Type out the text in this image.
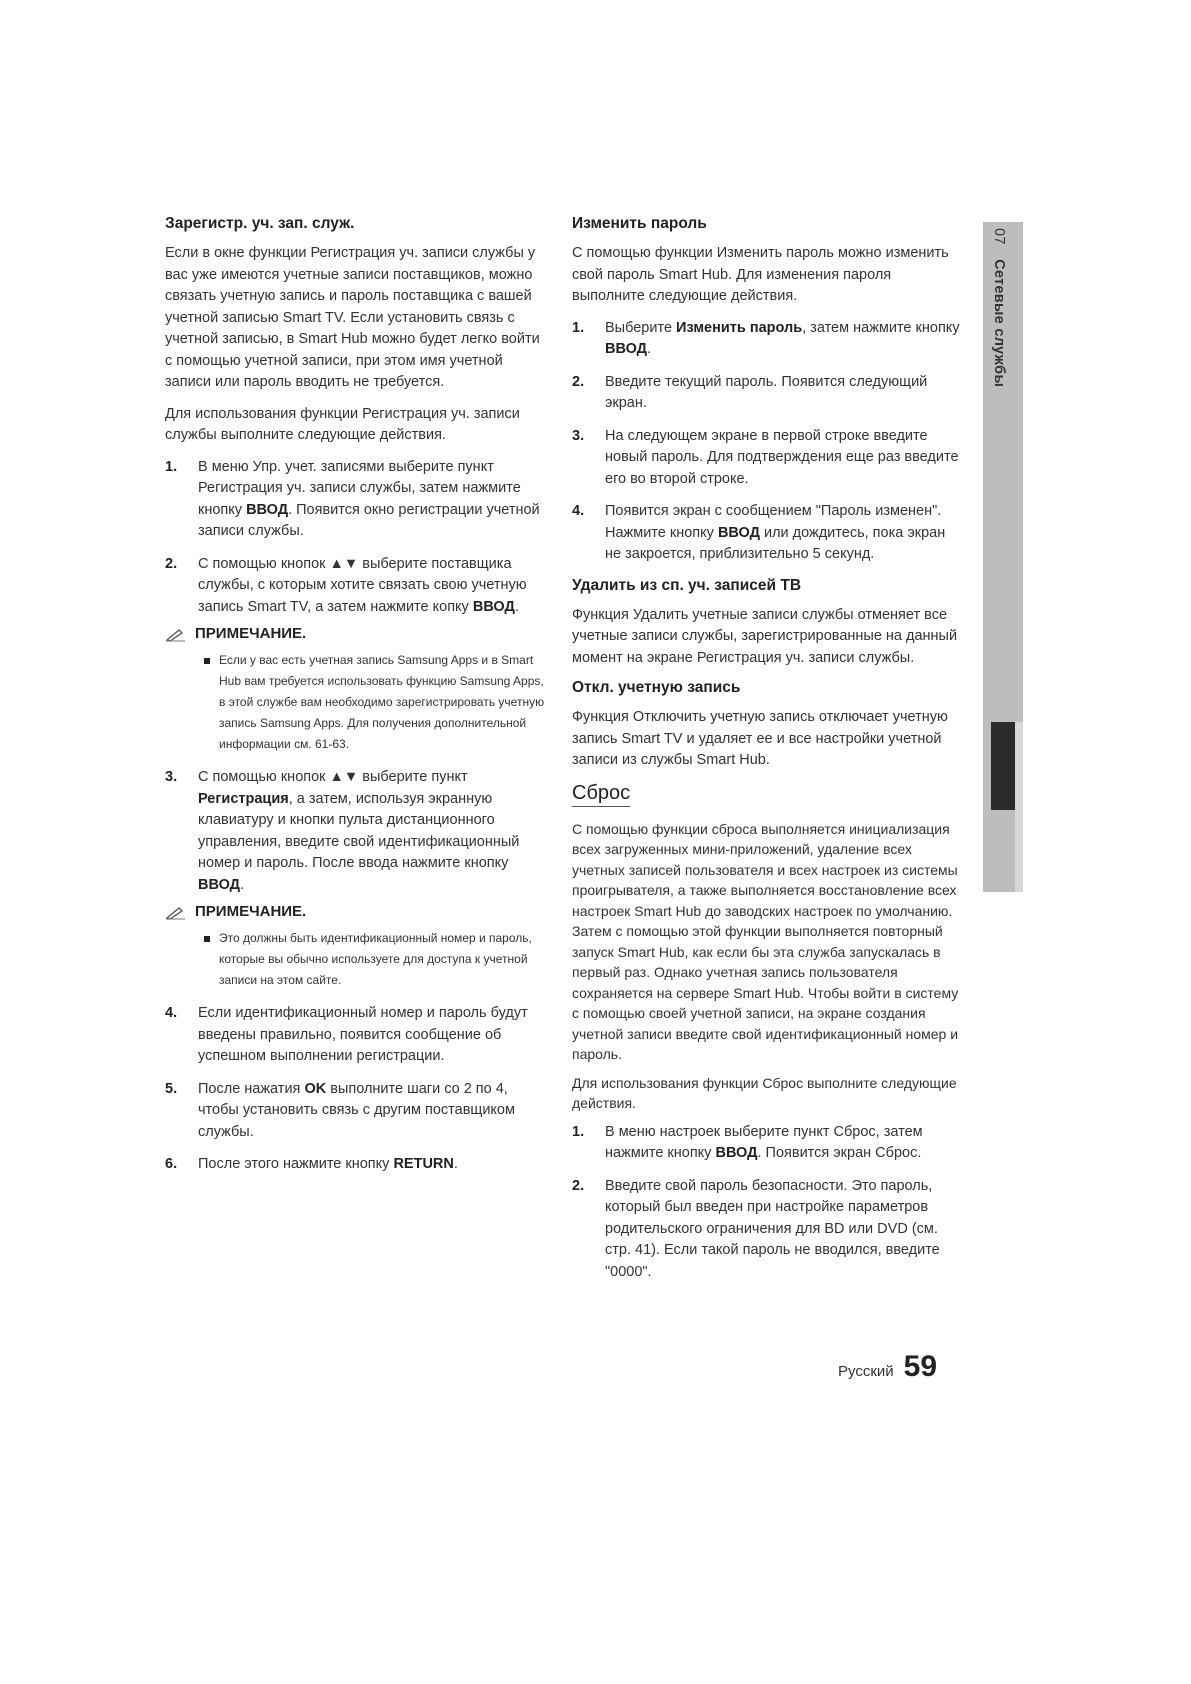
Зарегистр. уч. зап. служ.

Если в окне функции Регистрация уч. записи службы у вас уже имеются учетные записи поставщиков, можно связать учетную запись и пароль поставщика с вашей учетной записью Smart TV. Если установить связь с учетной записью, в Smart Hub можно будет легко войти с помощью учетной записи, при этом имя учетной записи или пароль вводить не требуется.

Для использования функции Регистрация уч. записи службы выполните следующие действия.

1. В меню Упр. учет. записями выберите пункт Регистрация уч. записи службы, затем нажмите кнопку ВВОД. Появится окно регистрации учетной записи службы.
2. С помощью кнопок ▲▼ выберите поставщика службы, с которым хотите связать свою учетную запись Smart TV, а затем нажмите копку ВВОД.
ПРИМЕЧАНИЕ.
Если у вас есть учетная запись Samsung Apps и в Smart Hub вам требуется использовать функцию Samsung Apps, в этой службе вам необходимо зарегистрировать учетную запись Samsung Apps. Для получения дополнительной информации см. 61-63.
3. С помощью кнопок ▲▼ выберите пункт Регистрация, а затем, используя экранную клавиатуру и кнопки пульта дистанционного управления, введите свой идентификационный номер и пароль. После ввода нажмите кнопку ВВОД.
ПРИМЕЧАНИЕ.
Это должны быть идентификационный номер и пароль, которые вы обычно используете для доступа к учетной записи на этом сайте.
4. Если идентификационный номер и пароль будут введены правильно, появится сообщение об успешном выполнении регистрации.
5. После нажатия OK выполните шаги со 2 по 4, чтобы установить связь с другим поставщиком службы.
6. После этого нажмите кнопку RETURN.
Изменить пароль

С помощью функции Изменить пароль можно изменить свой пароль Smart Hub. Для изменения пароля выполните следующие действия.

1. Выберите Изменить пароль, затем нажмите кнопку ВВОД.
2. Введите текущий пароль. Появится следующий экран.
3. На следующем экране в первой строке введите новый пароль. Для подтверждения еще раз введите его во второй строке.
4. Появится экран с сообщением "Пароль изменен". Нажмите кнопку ВВОД или дождитесь, пока экран не закроется, приблизительно 5 секунд.
Удалить из сп. уч. записей ТВ

Функция Удалить учетные записи службы отменяет все учетные записи службы, зарегистрированные на данный момент на экране Регистрация уч. записи службы.

Откл. учетную запись

Функция Отключить учетную запись отключает учетную запись Smart TV и удаляет ее и все настройки учетной записи из службы Smart Hub.

Сброс

С помощью функции сброса выполняется инициализация всех загруженных мини-приложений, удаление всех учетных записей пользователя и всех настроек из системы проигрывателя, а также выполняется восстановление всех настроек Smart Hub до заводских настроек по умолчанию. Затем с помощью этой функции выполняется повторный запуск Smart Hub, как если бы эта служба запускалась в первый раз. Однако учетная запись пользователя сохраняется на сервере Smart Hub. Чтобы войти в систему с помощью своей учетной записи, на экране создания учетной записи введите свой идентификационный номер и пароль.

Для использования функции Сброс выполните следующие действия.

1. В меню настроек выберите пункт Сброс, затем нажмите кнопку ВВОД. Появится экран Сброс.
2. Введите свой пароль безопасности. Это пароль, который был введен при настройке параметров родительского ограничения для BD или DVD (см. стр. 41). Если такой пароль не вводился, введите "0000".
07 Сетевые службы
Русский 59
